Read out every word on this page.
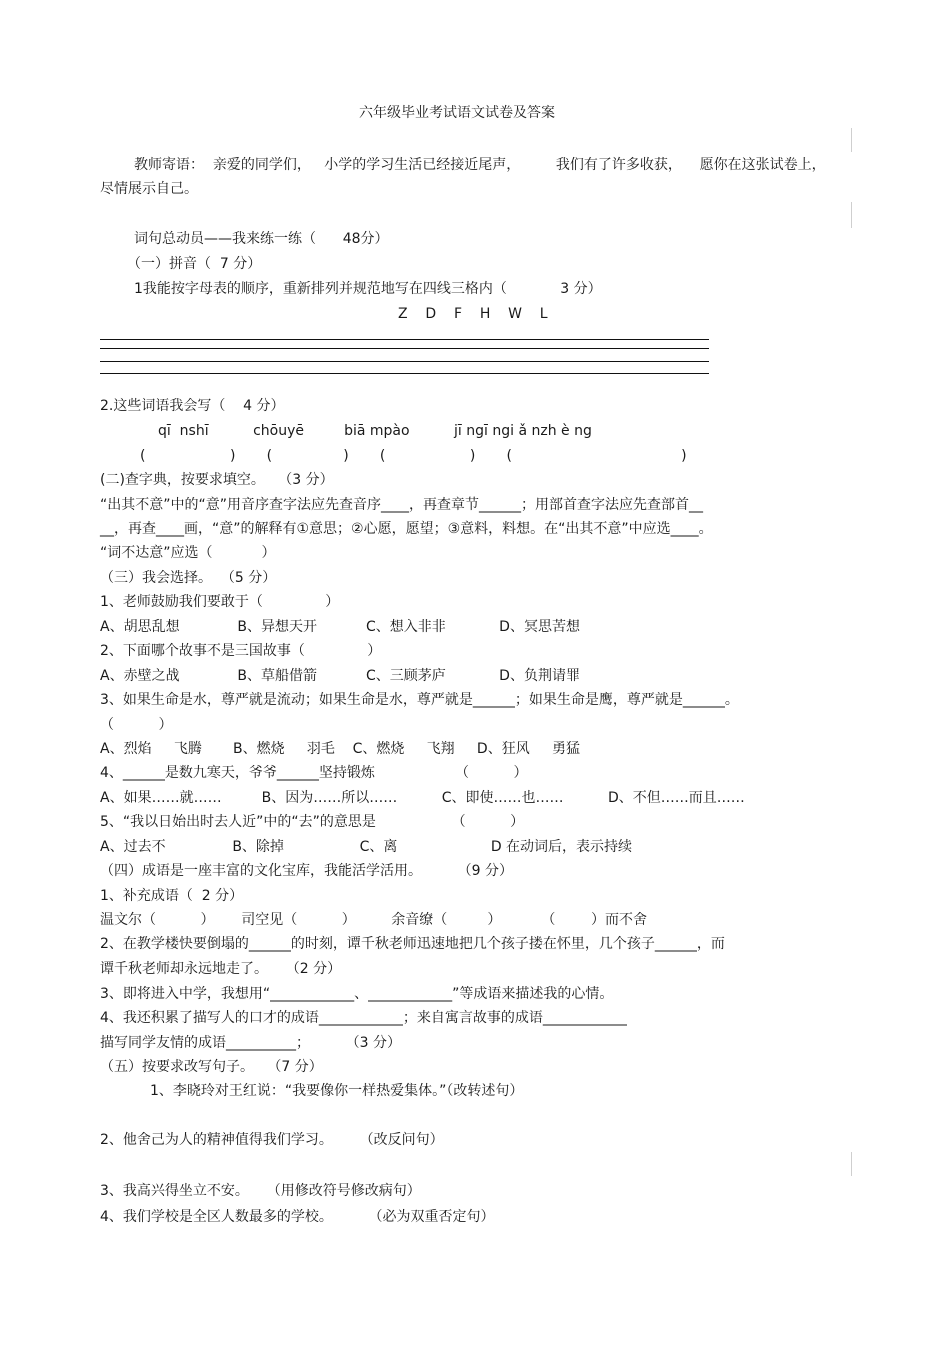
六年级毕业考试语文试卷及答案
教师寄语：  亲爱的同学们，   小学的学习生活已经接近尾声，        我们有了许多收获，    愿你在这张试卷上，
尽情展示自己。
词句总动员——我来练一练（      48分）
（一）拼音（  7 分）
1我能按字母表的顺序，重新排列并规范地写在四线三格内（            3 分）
Z    D    F    H    W    L
2.这些词语我会写（    4 分）
qī  nshī          chōuyē         biā mpào          jī ngī ngi ǎ nzh è ng
(                   )       (                )       (                   )       (                                      )
(二)查字典，按要求填空。   （3 分）
“出其不意”中的“意”用音序查字法应先查音序____，再查章节______；用部首查字法应先查部首__
__，再查____画，“意”的解释有①意思；②心愿，愿望；③意料，料想。在“出其不意”中应选____。
“词不达意”应选（           ）
（三）我会选择。  （5 分）
1、老师鼓励我们要敢于（              ）
A、胡思乱想             B、异想天开           C、想入非非            D、冥思苦想
2、下面哪个故事不是三国故事（              ）
A、赤壁之战             B、草船借箭           C、三顾茅庐            D、负荆请罪
3、如果生命是水，尊严就是流动；如果生命是水，尊严就是______；如果生命是鹰，尊严就是______。
（          ）
A、烈焰     飞腾       B、燃烧     羽毛    C、燃烧     飞翔     D、狂风     勇猛
4、______是数九寒天，爷爷______坚持锻炼                  （          ）
A、如果……就……         B、因为……所以……          C、即使……也……          D、不但……而且……
5、“我以日始出时去人近”中的“去”的意思是                 （          ）
A、过去不               B、除掉                 C、离                     D 在动词后，表示持续
（四）成语是一座丰富的文化宝库，我能活学活用。        （9 分）
1、补充成语（  2 分）
温文尔（          ）      司空见（          ）        余音缭（         ）         （        ）而不舍
2、在教学楼快要倒塌的______的时刻，谭千秋老师迅速地把几个孩子搂在怀里，几个孩子______，而
谭千秋老师却永远地走了。    （2 分）
3、即将进入中学，我想用“____________、____________”等成语来描述我的心情。
4、我还积累了描写人的口才的成语____________；来自寓言故事的成语____________
描写同学友情的成语__________；        （3 分）
（五）按要求改写句子。   （7 分）
1、李晓玲对王红说：“我要像你一样热爱集体。”（改转述句）
2、他舍己为人的精神值得我们学习。      （改反问句）
3、我高兴得坐立不安。    （用修改符号修改病句）
4、我们学校是全区人数最多的学校。        （必为双重否定句）
